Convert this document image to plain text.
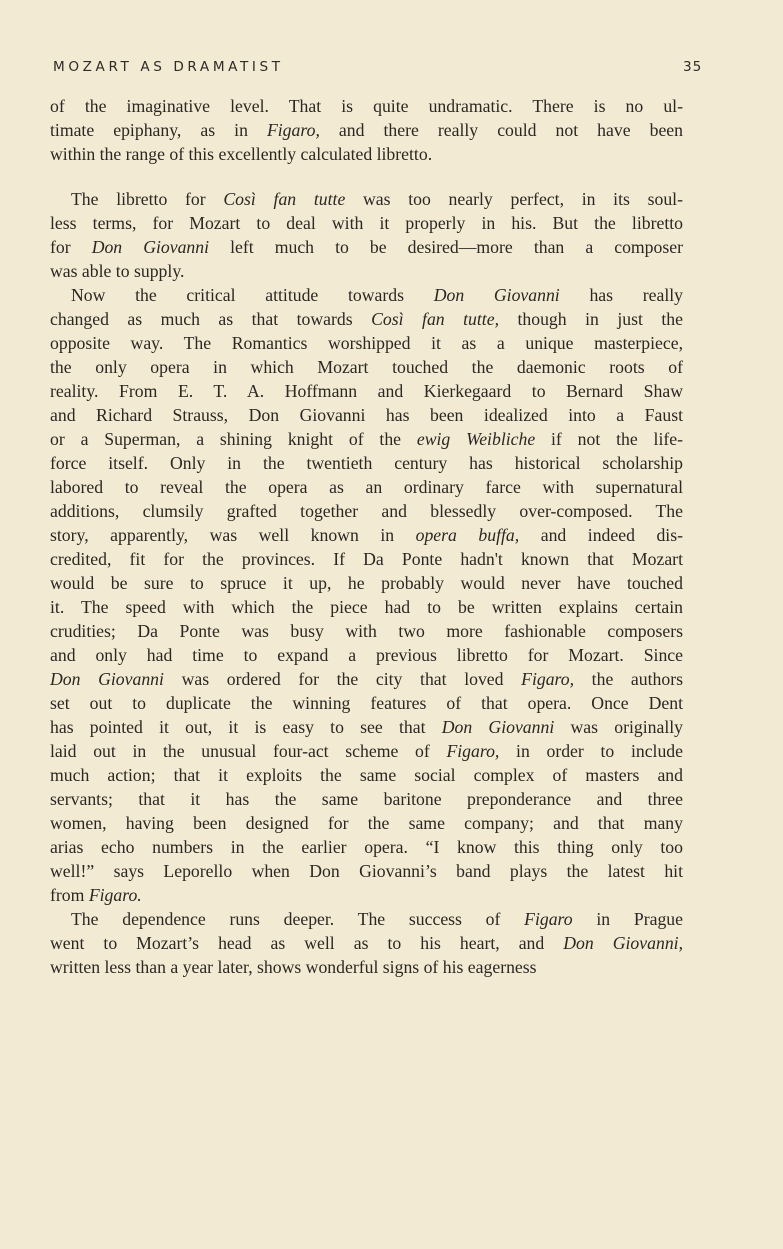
MOZART AS DRAMATIST	35

of the imaginative level. That is quite undramatic. There is no ul-
timate epiphany, as in Figaro, and there really could not have been
within the range of this excellently calculated libretto.

The libretto for Così fan tutte was too nearly perfect, in its soul-
less terms, for Mozart to deal with it properly in his. But the libretto
for Don Giovanni left much to be desired—more than a composer
was able to supply.

Now the critical attitude towards Don Giovanni has really
changed as much as that towards Così fan tutte, though in just the
opposite way. The Romantics worshipped it as a unique masterpiece,
the only opera in which Mozart touched the daemonic roots of
reality. From E. T. A. Hoffmann and Kierkegaard to Bernard Shaw
and Richard Strauss, Don Giovanni has been idealized into a Faust
or a Superman, a shining knight of the ewig Weibliche if not the life-
force itself. Only in the twentieth century has historical scholarship
labored to reveal the opera as an ordinary farce with supernatural
additions, clumsily grafted together and blessedly over-composed. The
story, apparently, was well known in opera buffa, and indeed dis-
credited, fit for the provinces. If Da Ponte hadn't known that Mozart
would be sure to spruce it up, he probably would never have touched
it. The speed with which the piece had to be written explains certain
crudities; Da Ponte was busy with two more fashionable composers
and only had time to expand a previous libretto for Mozart. Since
Don Giovanni was ordered for the city that loved Figaro, the authors
set out to duplicate the winning features of that opera. Once Dent
has pointed it out, it is easy to see that Don Giovanni was originally
laid out in the unusual four-act scheme of Figaro, in order to include
much action; that it exploits the same social complex of masters and
servants; that it has the same baritone preponderance and three
women, having been designed for the same company; and that many
arias echo numbers in the earlier opera. “I know this thing only too
well!” says Leporello when Don Giovanni’s band plays the latest hit
from Figaro.

The dependence runs deeper. The success of Figaro in Prague
went to Mozart’s head as well as to his heart, and Don Giovanni,
written less than a year later, shows wonderful signs of his eagerness
